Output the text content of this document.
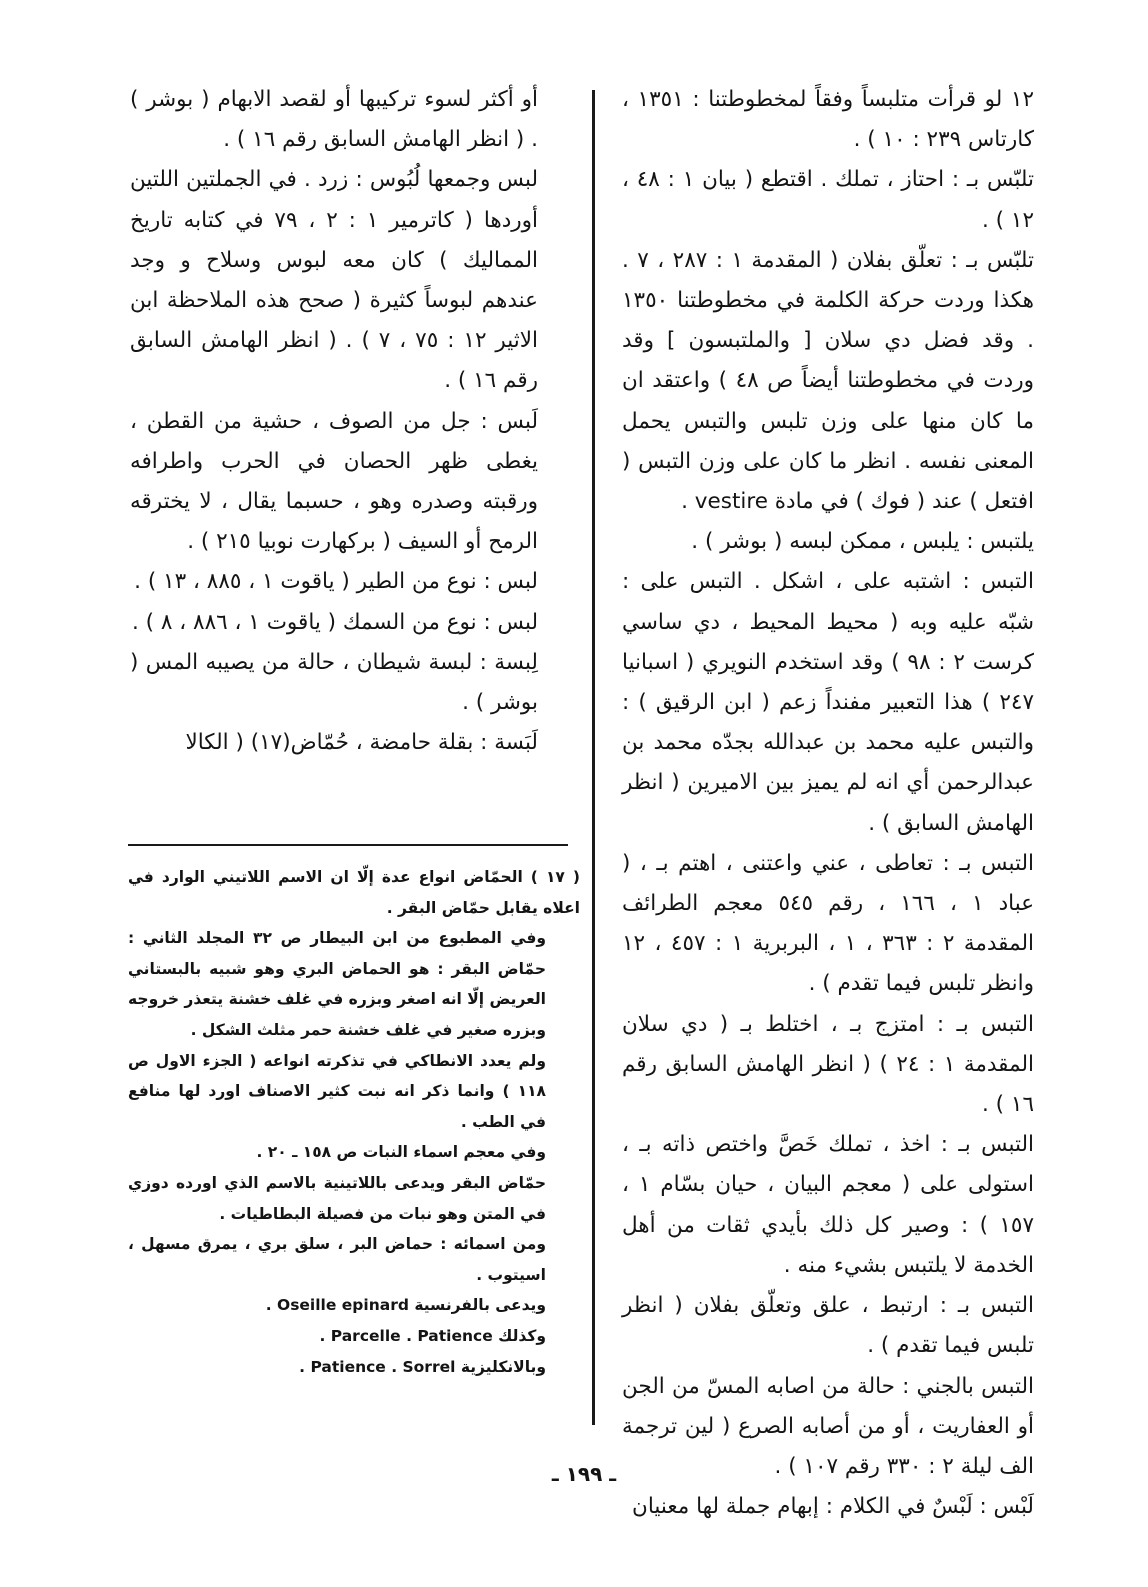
١٢ لو قرأت متلبساً وفقاً لمخطوطتنا : ١٣٥١ ، كارتاس ٢٣٩ : ١٠ ) .

تلبّس بـ : احتاز ، تملك . اقتطع ( بيان ١ : ٤٨ ، ١٢ ) .

تلبّس بـ : تعلّق بفلان ( المقدمة ١ : ٢٨٧ ، ٧ . هكذا وردت حركة الكلمة في مخطوطتنا ١٣٥٠ . وقد فضل دي سلان [ والملتبسون ] وقد وردت في مخطوطتنا أيضاً ص ٤٨ ) واعتقد ان ما كان منها على وزن تلبس والتبس يحمل المعنى نفسه . انظر ما كان على وزن التبس ( افتعل ) عند ( فوك ) في مادة vestire .

يلتبس : يلبس ، ممكن لبسه ( بوشر ) .

التبس : اشتبه على ، اشكل . التبس على : شبّه عليه وبه ( محيط المحيط ، دي ساسي كرست ٢ : ٩٨ ) وقد استخدم النويري ( اسبانيا ٢٤٧ ) هذا التعبير مفنداً زعم ( ابن الرقيق ) : والتبس عليه محمد بن عبدالله بجدّه محمد بن عبدالرحمن أي انه لم يميز بين الاميرين ( انظر الهامش السابق ) .

التبس بـ : تعاطى ، عني واعتنى ، اهتم بـ ، ( عباد ١ ، ١٦٦ ، رقم ٥٤٥ معجم الطرائف المقدمة ٢ : ٣٦٣ ، ١ ، البربرية ١ : ٤٥٧ ، ١٢ وانظر تلبس فيما تقدم ) .

التبس بـ : امتزج بـ ، اختلط بـ ( دي سلان المقدمة ١ : ٢٤ ) ( انظر الهامش السابق رقم ١٦ ) .

التبس بـ : اخذ ، تملك خَصَّ واختص ذاته بـ ، استولى على ( معجم البيان ، حيان بسّام ١ ، ١٥٧ ) : وصير كل ذلك بأيدي ثقات من أهل الخدمة لا يلتبس بشيء منه .

التبس بـ : ارتبط ، علق وتعلّق بفلان ( انظر تلبس فيما تقدم ) .

التبس بالجني : حالة من اصابه المسّ من الجن أو العفاريت ، أو من أصابه الصرع ( لين ترجمة الف ليلة ٢ : ٣٣٠ رقم ١٠٧ ) .

لَبْس : لَبْسٌ في الكلام : إبهام جملة لها معنيان

أو أكثر لسوء تركيبها أو لقصد الابهام ( بوشر ) . ( انظر الهامش السابق رقم ١٦ ) .

لبس وجمعها لُبُوس : زرد . في الجملتين اللتين أوردها ( كاترمير ١ : ٢ ، ٧٩ في كتابه تاريخ المماليك ) كان معه لبوس وسلاح و وجد عندهم لبوساً كثيرة ( صحح هذه الملاحظة ابن الاثير ١٢ : ٧٥ ، ٧ ) . ( انظر الهامش السابق رقم ١٦ ) .

لَبس : جل من الصوف ، حشية من القطن ، يغطى ظهر الحصان في الحرب واطرافه ورقبته وصدره وهو ، حسبما يقال ، لا يخترقه الرمح أو السيف ( بركهارت نوبيا ٢١٥ ) .

لبس : نوع من الطير ( ياقوت ١ ، ٨٨٥ ، ١٣ ) .

لبس : نوع من السمك ( ياقوت ١ ، ٨٨٦ ، ٨ ) .

لِبسة : لبسة شيطان ، حالة من يصيبه المس ( بوشر ) .

لَبَسة : بقلة حامضة ، حُمّاض(١٧) ( الكالا

( ١٧ ) الحمّاض انواع عدة إلّا ان الاسم اللاتيني الوارد في اعلاه يقابل حمّاض البقر .

وفي المطبوع من ابن البيطار ص ٣٢ المجلد الثاني : حمّاض البقر : هو الحماض البري وهو شبيه بالبستاني العريض إلّا انه اصغر وبزره في غلف خشنة يتعذر خروجه وبزره صغير في غلف خشنة حمر مثلث الشكل .

ولم يعدد الانطاكي في تذكرته انواعه ( الجزء الاول ص ١١٨ ) وانما ذكر انه نبت كثير الاصناف اورد لها منافع في الطب .

وفي معجم اسماء النبات ص ١٥٨ ـ ٢٠ .

حمّاض البقر ويدعى باللاتينية بالاسم الذي اورده دوزي في المتن وهو نبات من فصيلة البطاطيات .

ومن اسمائه : حماض البر ، سلق بري ، يمرق مسهل ، اسيتوب .

ويدعى بالفرنسية Oseille epinard .

وكذلك Parcelle . Patience .

وبالانكليزية Patience . Sorrel .

ـ ١٩٩ ـ
